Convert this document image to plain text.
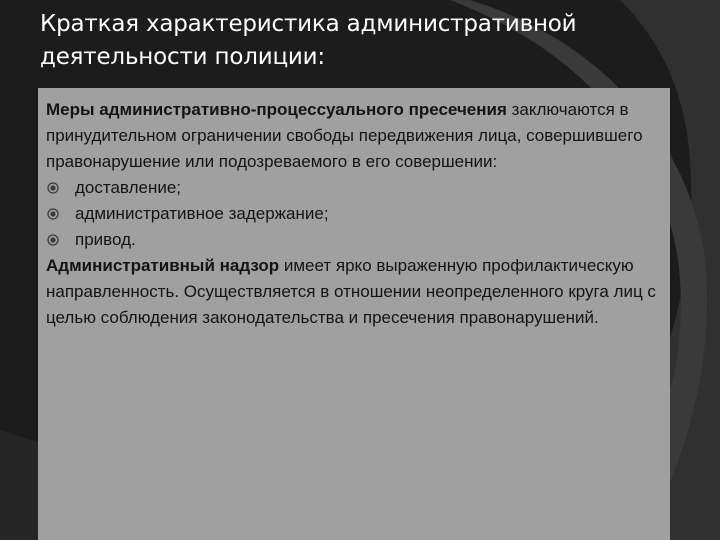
Краткая характеристика административной деятельности полиции:

Меры административно-процессуального пресечения заключаются в принудительном ограничении свободы передвижения лица, совершившего правонарушение или подозреваемого в его совершении:

доставление;

административное задержание;

привод.

Административный надзор имеет ярко выраженную профилактическую направленность. Осуществляется в отношении неопределенного круга лиц с целью соблюдения законодательства и пресечения правонарушений.
